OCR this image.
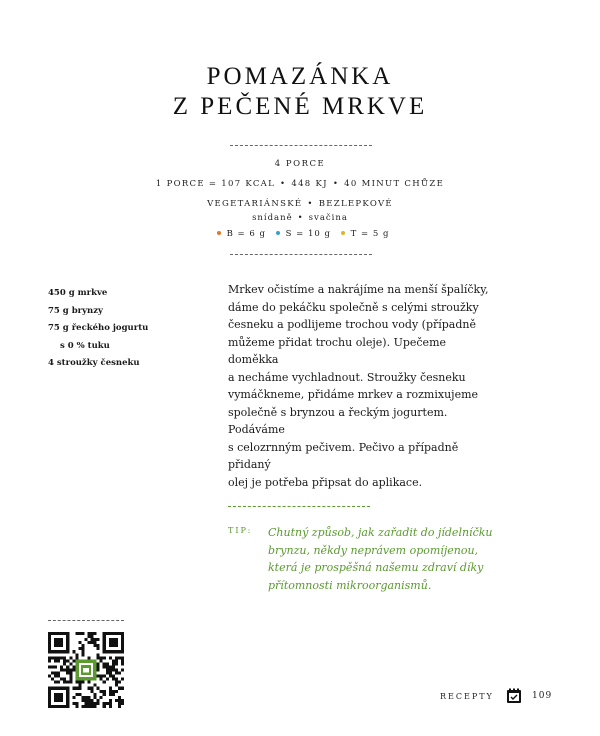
POMAZÁNKA
Z PEČENÉ MRKVE
4 PORCE
1 PORCE = 107 KCAL • 448 KJ • 40 MINUT CHŮZE
VEGETARIÁNSKÉ • BEZLEPKOVÉ
snídaně • svačina
B = 6 g S = 10 g T = 5 g
450 g mrkve
75 g brynzy
75 g řeckého jogurtu
s 0 % tuku
4 stroužky česneku
Mrkev očistíme a nakrájíme na menší špalíčky,
dáme do pekáčku společně s celými stroužky
česneku a podlijeme trochou vody (případně
můžeme přidat trochu oleje). Upečeme doměkka
a necháme vychladnout. Stroužky česneku
vymáčkneme, přidáme mrkev a rozmixujeme
společně s brynzou a řeckým jogurtem. Podáváme
s celozrnným pečivem. Pečivo a případně přidaný
olej je potřeba připsat do aplikace.
TIP: Chutný způsob, jak zařadit do jídelníčku
brynzu, někdy neprávem opomíjenou,
která je prospěšná našemu zdraví díky
přítomnosti mikroorganismů.
RECEPTY	109
